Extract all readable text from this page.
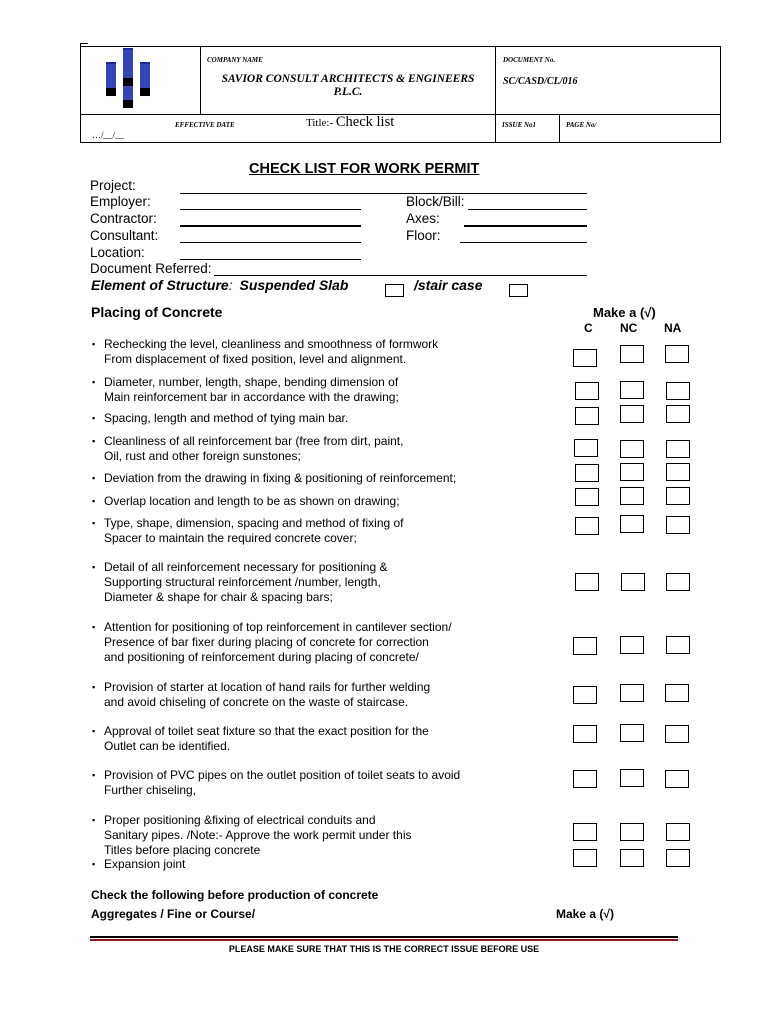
COMPANY NAME
SAVIOR CONSULT ARCHITECTS & ENGINEERS
P.L.C.
DOCUMENT No.
SC/CASD/CL/016
EFFECTIVE DATE
…/__/__
Title:- Check list	ISSUE No1	PAGE No/
CHECK LIST FOR WORK PERMIT
Project:
Employer:	Block/Bill:
Contractor:	Axes:
Consultant:	Floor:
Location:
Document Referred:
Element of Structure: Suspended Slab	/stair case
Placing of Concrete	Make a (√)
C NC NA
▪ Rechecking the level, cleanliness and smoothness of formwork
From displacement of fixed position, level and alignment.
▪ Diameter, number, length, shape, bending dimension of
Main reinforcement bar in accordance with the drawing;
▪ Spacing, length and method of tying main bar.
▪ Cleanliness of all reinforcement bar (free from dirt, paint,
Oil, rust and other foreign sunstones;
▪ Deviation from the drawing in fixing & positioning of reinforcement;
▪ Overlap location and length to be as shown on drawing;
▪ Type, shape, dimension, spacing and method of fixing of
Spacer to maintain the required concrete cover;
▪ Detail of all reinforcement necessary for positioning &
Supporting structural reinforcement /number, length,
Diameter & shape for chair & spacing bars;
▪ Attention for positioning of top reinforcement in cantilever section/
Presence of bar fixer during placing of concrete for correction
and positioning of reinforcement during placing of concrete/
▪ Provision of starter at location of hand rails for further welding
and avoid chiseling of concrete on the waste of staircase.
▪ Approval of toilet seat fixture so that the exact position for the
Outlet can be identified.
▪ Provision of PVC pipes on the outlet position of toilet seats to avoid
Further chiseling,
▪ Proper positioning &fixing of electrical conduits and
Sanitary pipes. /Note:- Approve the work permit under this
Titles before placing concrete
▪ Expansion joint
Check the following before production of concrete
Aggregates / Fine or Course/	Make a (√)
PLEASE MAKE SURE THAT THIS IS THE CORRECT ISSUE BEFORE USE
